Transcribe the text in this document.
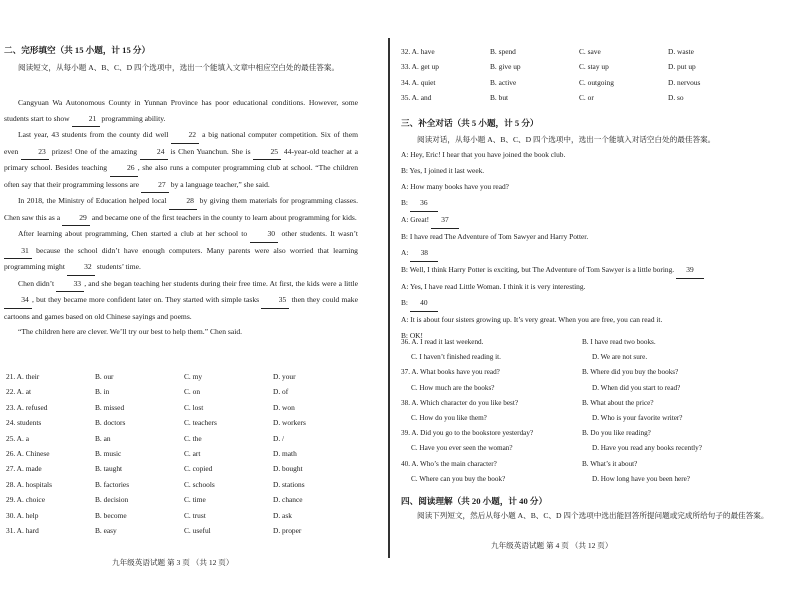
二、完形填空（共 15 小题，计 15 分）

阅读短文，从每小题 A、B、C、D 四个选项中，选出一个能填入文章中相应空白处的最佳答案。

Cangyuan Wa Autonomous County in Yunnan Province has poor educational conditions. However, some students start to show	21 programming ability.

Last year, 43 students from the county did well	22 a big national computer competition. Six of them even	23 prizes! One of the amazing	24 is Chen Yuanchun. She is	25 44-year-old teacher at a primary school. Besides teaching	26 , she also runs a computer programming club at school. “The children often say that their programming lessons are	27 by a language teacher,” she said.

In 2018, the Ministry of Education helped local	28 by giving them materials for programming classes. Chen saw this as a	29 and became one of the first teachers in the county to learn about programming for kids.

After learning about programming, Chen started a club at her school to	30 other students. It wasn’t 31 because the school didn’t have enough computers. Many parents were also worried that learning programming might	32 students’ time.

Chen didn’t	33 , and she began teaching her students during their free time. At first, the kids were a little 34 , but they became more confident later on. They started with simple tasks	35 then they could make cartoons and games based on old Chinese sayings and poems.

“The children here are clever. We’ll try our best to help them.” Chen said.

21. A. their	B. our	C. my	D. your
22. A. at	B. in	C. on	D. of
23. A. refused	B. missed	C. lost	D. won
24. students	B. doctors	C. teachers	D. workers
25. A. a	B. an	C. the	D. /
26. A. Chinese	B. music	C. art	D. math
27. A. made	B. taught	C. copied	D. bought
28. A. hospitals	B. factories	C. schools	D. stations
29. A. choice	B. decision	C. time	D. chance
30. A. help	B. become	C. trust	D. ask
31. A. hard	B. easy	C. useful	D. proper
九年级英语试题 第 3 页 （共 12 页）
32. A. have	B. spend	C. save	D. waste
33. A. get up	B. give up	C. stay up	D. put up
34. A. quiet	B. active	C. outgoing	D. nervous
35. A. and	B. but	C. or	D. so
三、补全对话（共 5 小题，计 5 分）

阅读对话，从每小题 A、B、C、D 四个选项中，选出一个能填入对话空白处的最佳答案。

A: Hey, Eric! I hear that you have joined the book club.

B: Yes, I joined it last week.

A: How many books have you read?

B: 36

A: Great! 37

B: I have read The Adventure of Tom Sawyer and Harry Potter.

A: 38

B: Well, I think Harry Potter is exciting, but The Adventure of Tom Sawyer is a little boring. 39

A: Yes, I have read Little Woman. I think it is very interesting.

B: 40

A: It is about four sisters growing up. It’s very great. When you are free, you can read it.

B: OK!

36. A. I read it last weekend.	B. I have read two books.
C. I haven’t finished reading it.	D. We are not sure.
37. A. What books have you read?	B. Where did you buy the books?
C. How much are the books?	D. When did you start to read?
38. A. Which character do you like best?	B. What about the price?
C. How do you like them?	D. Who is your favorite writer?
39. A. Did you go to the bookstore yesterday?	B. Do you like reading?
C. Have you ever seen the woman?	D. Have you read any books recently?
40. A. Who’s the main character?	B. What’s it about?
C. Where can you buy the book?	D. How long have you been here?
四、阅读理解（共 20 小题，计 40 分）

阅读下列短文，然后从每小题 A、B、C、D 四个选项中选出能回答所提问题或完成所给句子的最佳答案。

九年级英语试题 第 4 页 （共 12 页）
